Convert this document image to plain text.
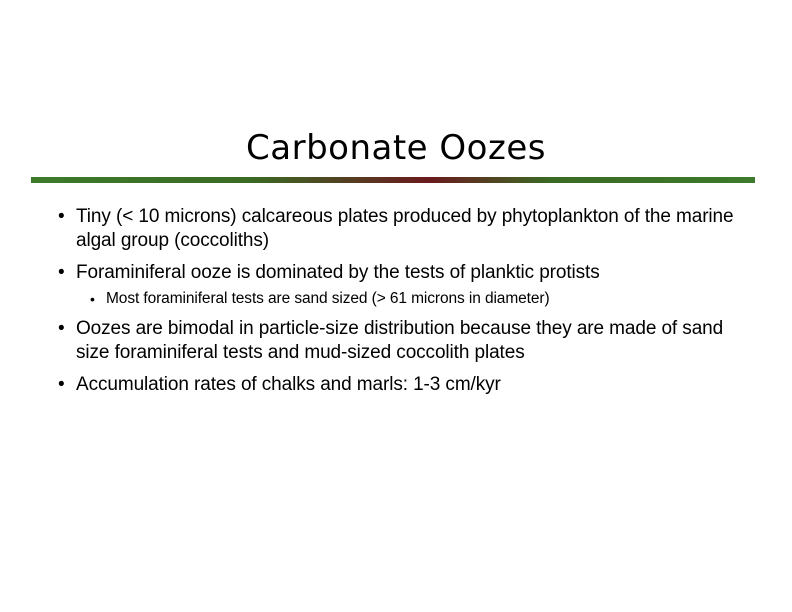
Carbonate Oozes
• Tiny (< 10 microns) calcareous plates produced by phytoplankton of the marine algal group (coccoliths)
• Foraminiferal ooze is dominated by the tests of planktic protists
• Most foraminiferal tests are sand sized (> 61 microns in diameter)
• Oozes are bimodal in particle-size distribution because they are made of sand size foraminiferal tests and mud-sized coccolith plates
• Accumulation rates of chalks and marls: 1-3 cm/kyr
